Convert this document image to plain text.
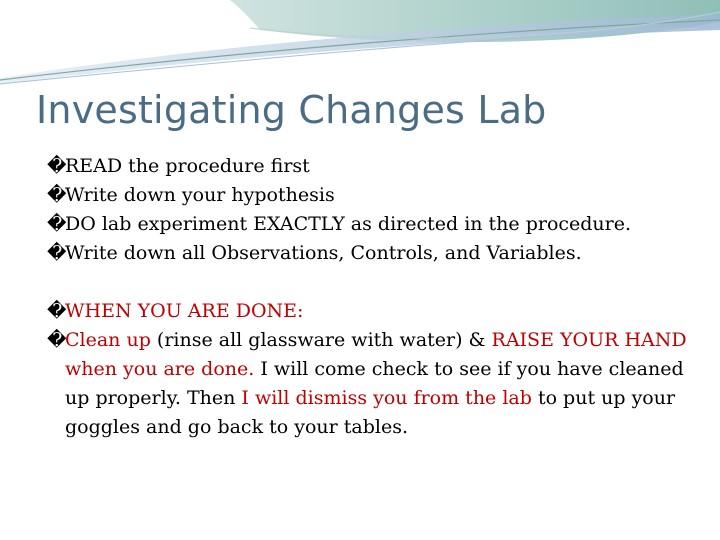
Investigating Changes Lab

�READ the procedure first

�Write down your hypothesis

�DO lab experiment EXACTLY as directed in the procedure.

�Write down all Observations, Controls, and Variables.

�WHEN YOU ARE DONE:

�Clean up (rinse all glassware with water) & RAISE YOUR HAND when you are done. I will come check to see if you have cleaned up properly. Then I will dismiss you from the lab to put up your goggles and go back to your tables.
